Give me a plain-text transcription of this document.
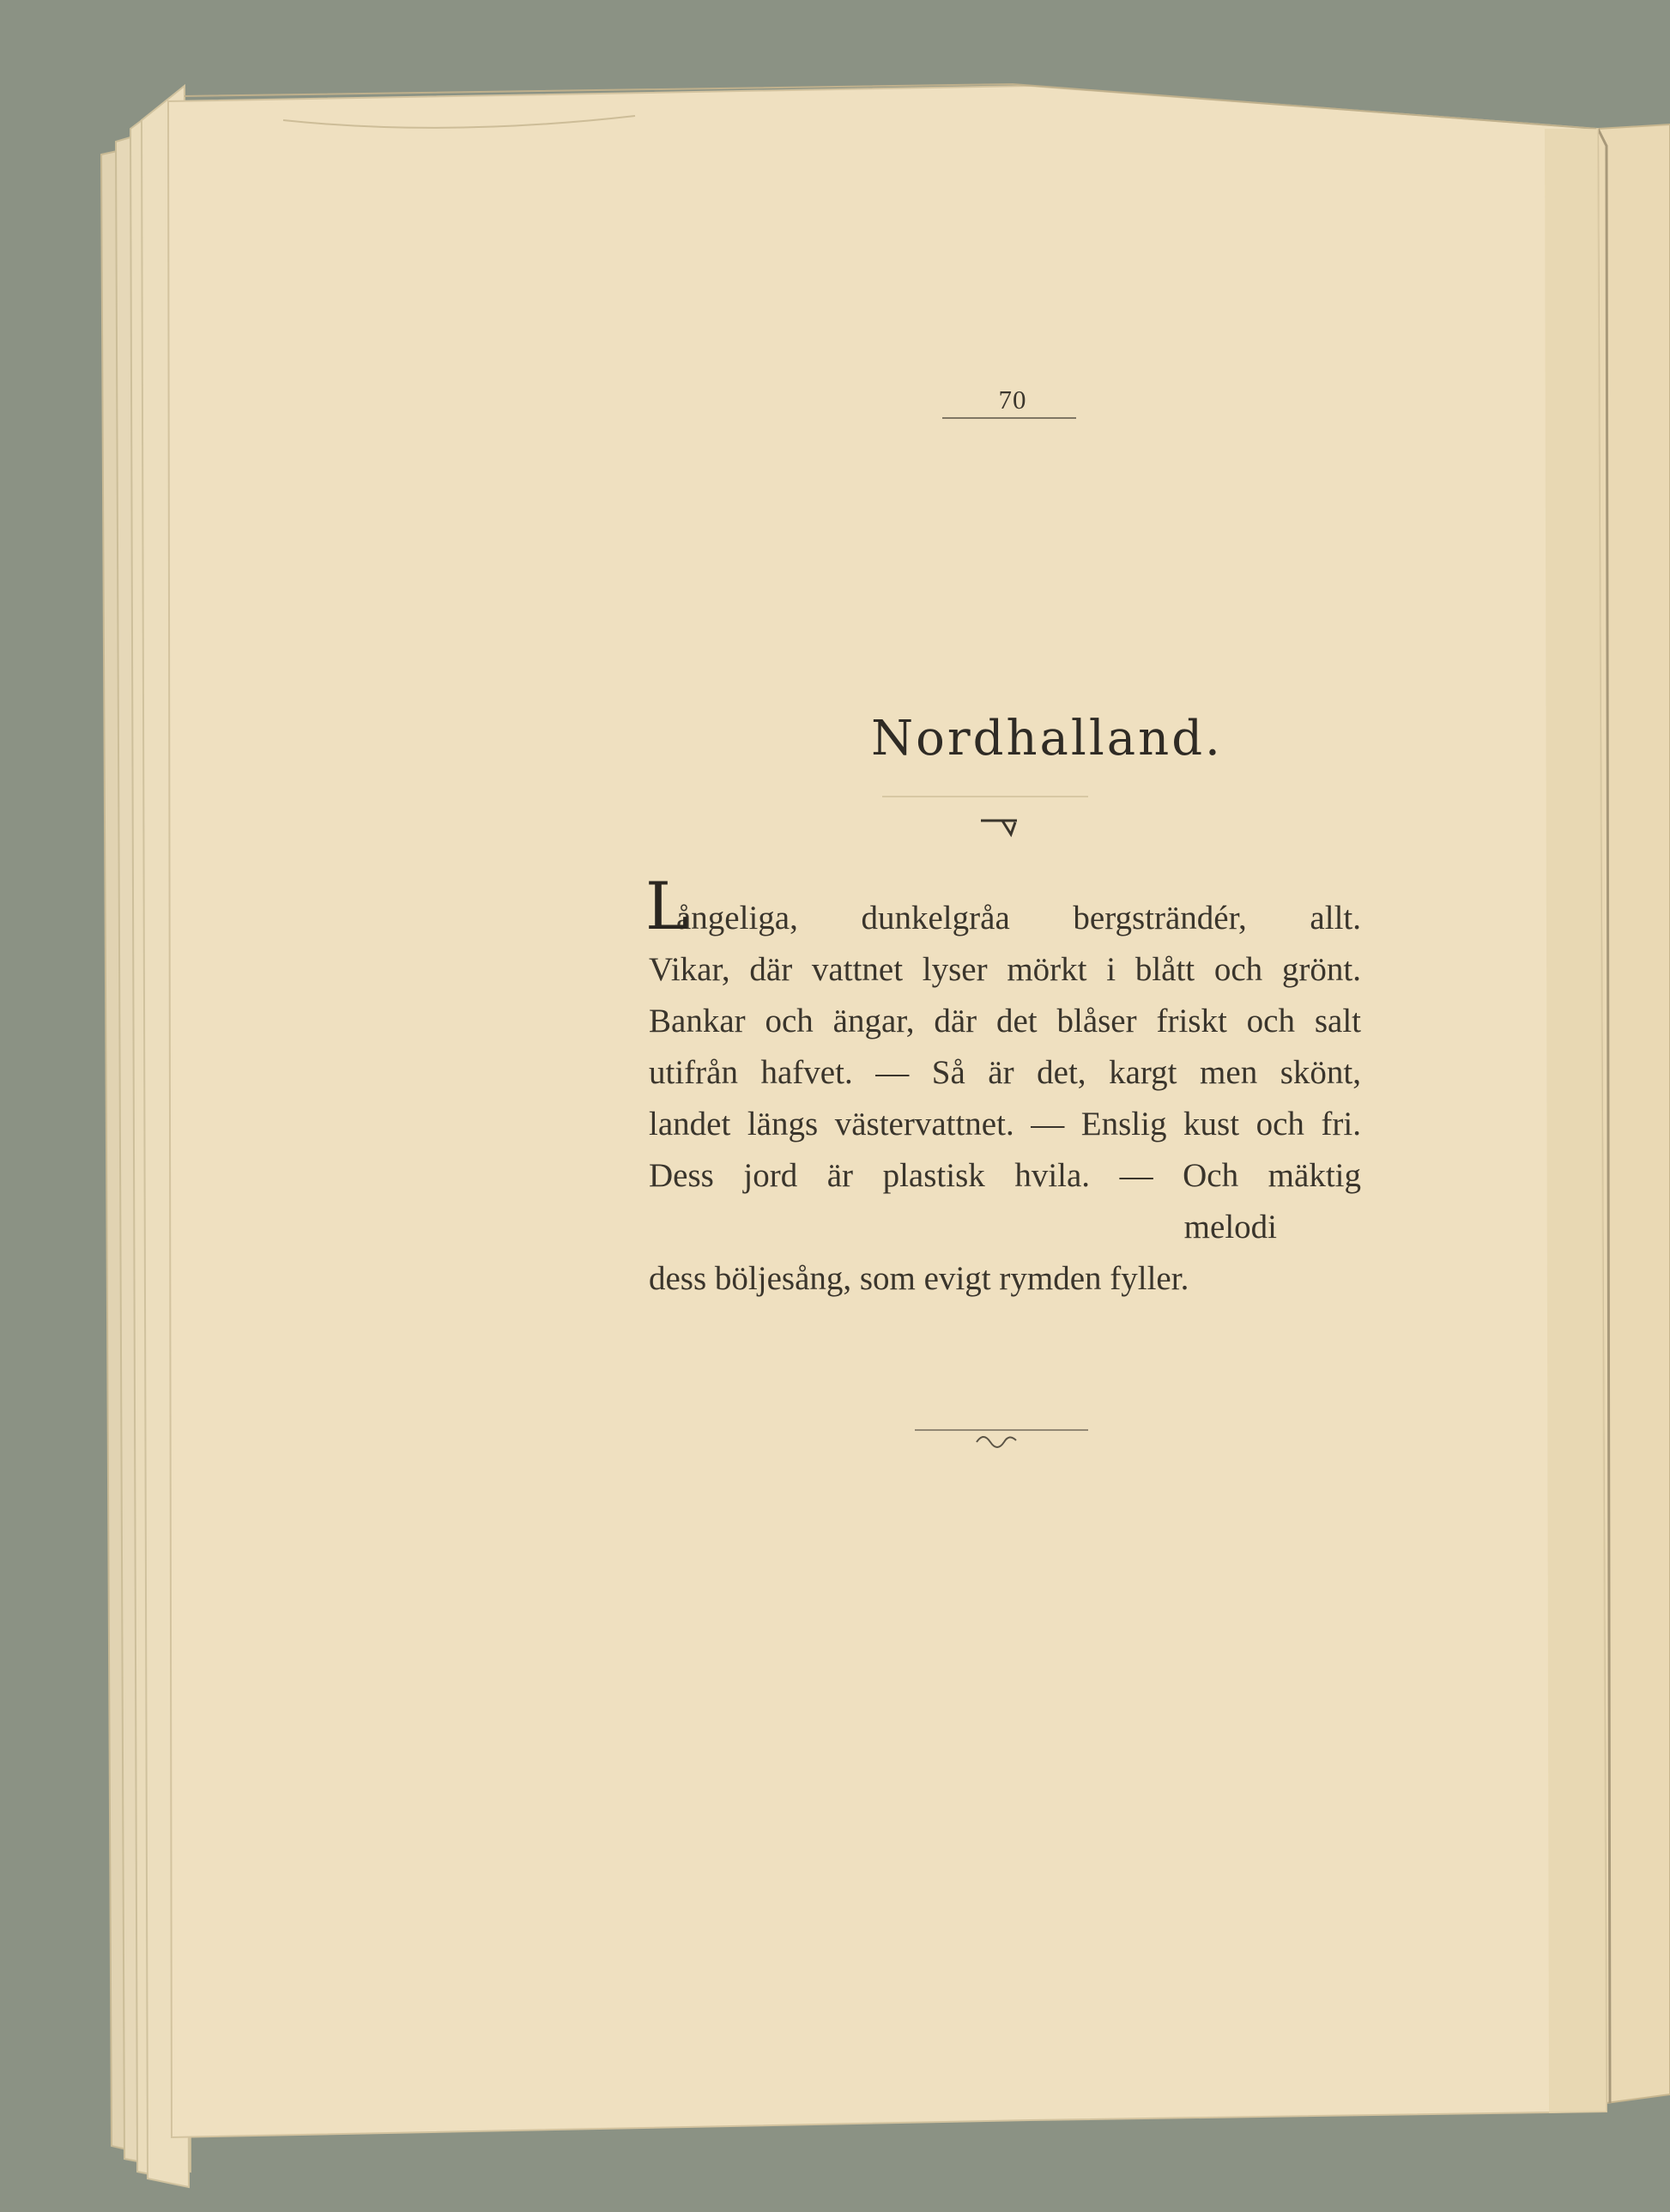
70
Nordhalland.
L
ångeliga, dunkelgråa bergsträndér, allt.
Vikar, där vattnet lyser mörkt i blått och grönt.
Bankar och ängar, där det blåser friskt och salt
utifrån hafvet. — Så är det, kargt men skönt,
landet längs västervattnet. — Enslig kust och fri.
Dess jord är plastisk hvila. — Och mäktig
melodi
dess böljesång, som evigt rymden fyller.
